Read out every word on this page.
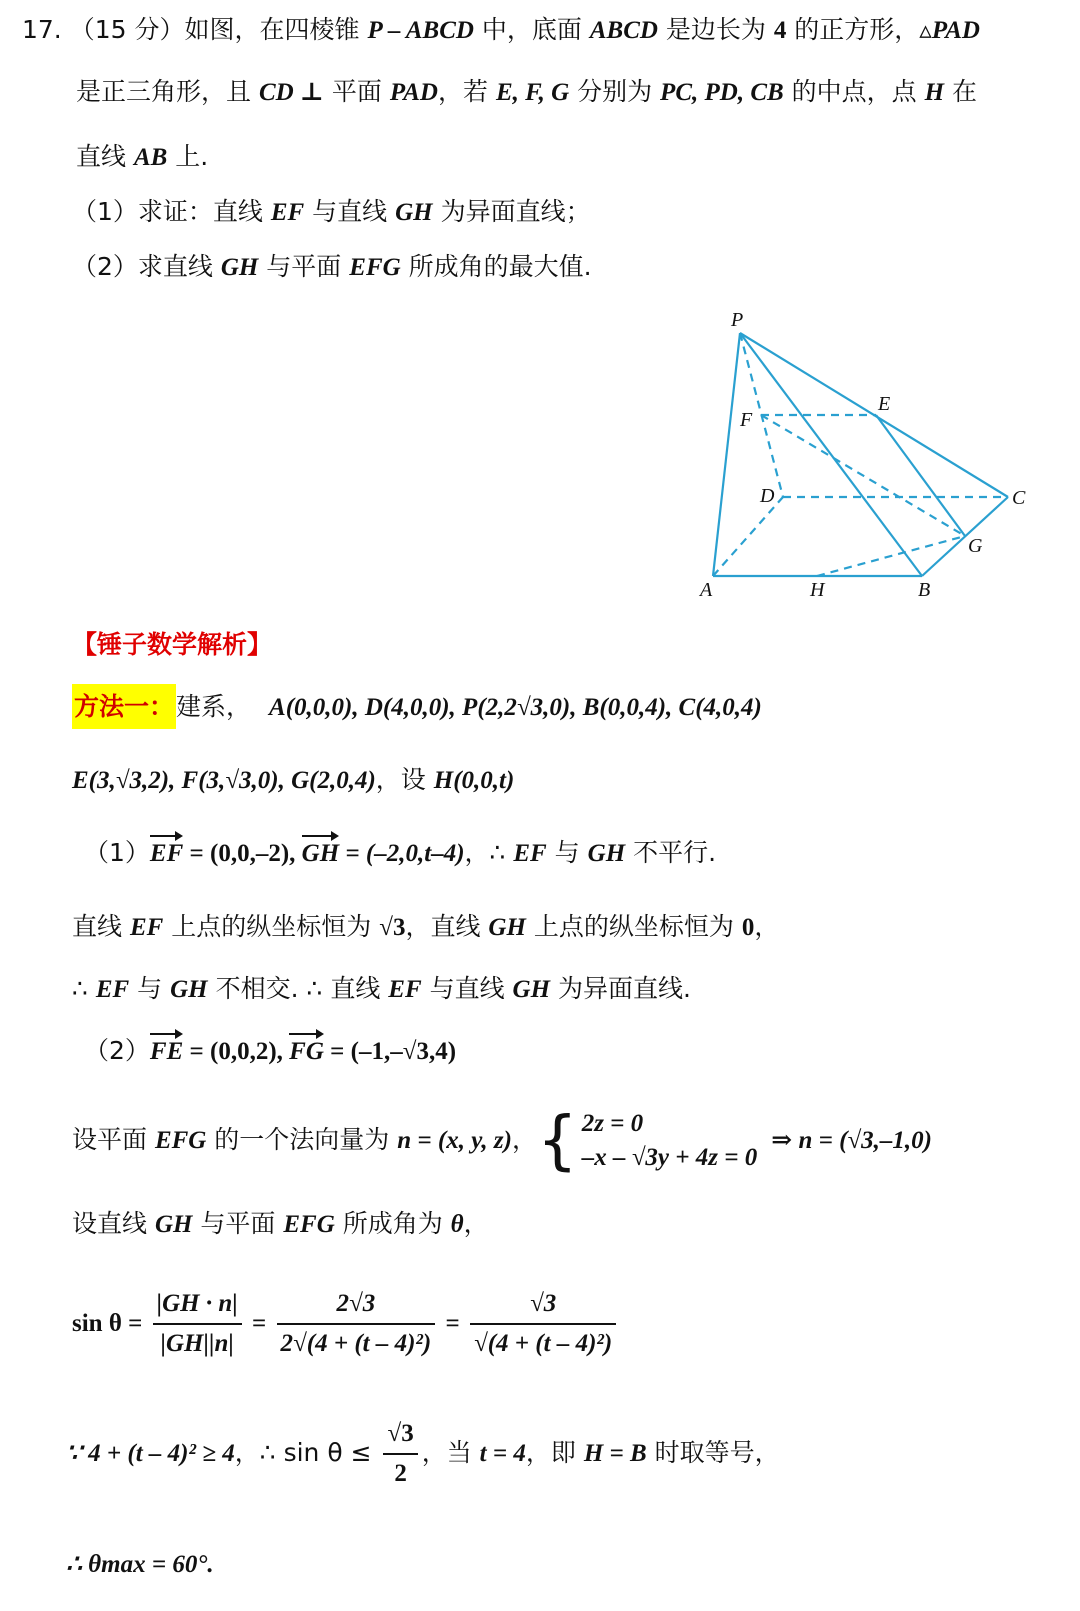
17. （15 分）如图，在四棱锥 P – ABCD 中，底面 ABCD 是边长为 4 的正方形，▵PAD
是正三角形，且 CD ⊥ 平面 PAD，若 E, F, G 分别为 PC, PD, CB 的中点，点 H 在
直线 AB 上.
（1）求证：直线 EF 与直线 GH 为异面直线；
（2）求直线 GH 与平面 EFG 所成角的最大值.
P
E
F
D	C
G
A	H	B
【锤子数学解析】
方法一：建系， A(0,0,0), D(4,0,0), P(2,2√3,0), B(0,0,4), C(4,0,4)
E(3,√3,2), F(3,√3,0), G(2,0,4)，设 H(0,0,t)
（1）EF = (0,0,–2), GH = (–2,0,t–4)，∴ EF 与 GH 不平行.
直线 EF 上点的纵坐标恒为 √3，直线 GH 上点的纵坐标恒为 0，
∴ EF 与 GH 不相交. ∴ 直线 EF 与直线 GH 为异面直线.
（2）FE = (0,0,2), FG = (–1,–√3,4)
设平面 EFG 的一个法向量为 n = (x, y, z)，{ 2z = 0
–x – √3y + 4z = 0
⇒ n = (√3,–1,0)
设直线 GH 与平面 EFG 所成角为 θ，
$\sin \theta = \frac{|GH \cdot n|}{|GH||n|} = \frac{2√3}{\text{2√(4 + (t – 4)²)}} = \frac{√3}{\text{√(4 + (t – 4)²)}}$
∵ 4 + (t – 4)² ≥ 4，∴ $\sin \theta \le \frac{√3}{2}$ ，当 t = 4，即 H = B 时取等号，
∴ θmax = 60°.
